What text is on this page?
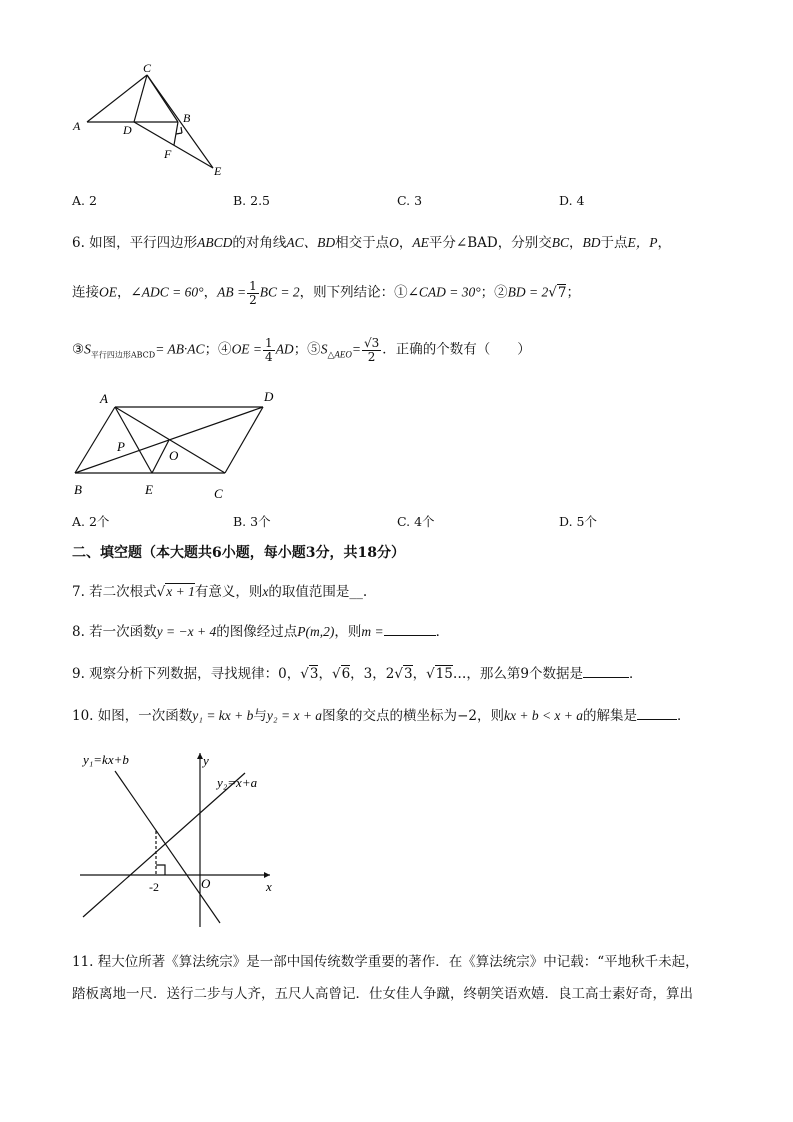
A
C
B
D
F
E
A. 2	B. 2.5	C. 3	D. 4
6. 如图，平行四边形ABCD的对角线AC、BD相交于点O，AE平分∠BAD，分别交BC，BD于点E，P，
连接OE，∠ADC = 60°，AB = $\frac{1}{2}$ BC = 2，则下列结论：①∠CAD = 30°；②BD = 2√7；
$③S_{平行四边形ABCD}= AB\cdot AC$；④OE = $\frac{1}{4}$ AD；$⑤S_{\triangle AEO}= \frac{√3}{2}$ ．正确的个数有（　　）
A	D
P
O
B	E	C
A. 2个	B. 3个	C. 4个	D. 5个
二、填空题（本大题共6小题，每小题3分，共18分）
7. 若二次根式√x + 1有意义，则x的取值范围是__.
8. 若一次函数y = −x + 4的图像经过点P(m,2)，则m =	．
9. 观察分析下列数据，寻找规律：0，√3，√6，3，2√3，√15…，那么第9个数据是	．
10. 如图，一次函数y₁ = kx + b与y₂ = x + a图象的交点的横坐标为−2，则kx + b < x + a的解集是	．
y₁=kx+b
y₂=x+a
y
x
O
-2
11. 程大位所著《算法统宗》是一部中国传统数学重要的著作．在《算法统宗》中记载：“平地秋千未起，
踏板离地一尺．送行二步与人齐，五尺人高曾记．仕女佳人争蹴，终朝笑语欢嬉．良工高士素好奇，算出
